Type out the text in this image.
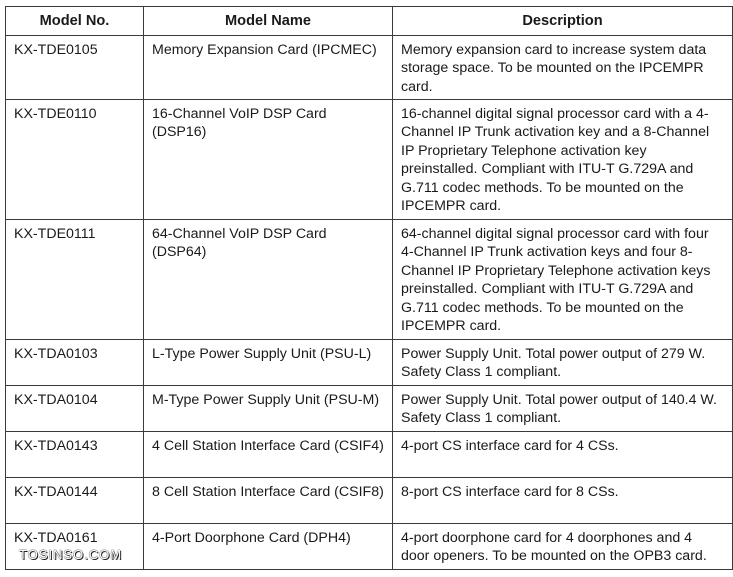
Model No.	Model Name	Description
KX-TDE0105	Memory Expansion Card (IPCMEC)	Memory expansion card to increase system data storage space. To be mounted on the IPCEMPR card.
KX-TDE0110	16-Channel VoIP DSP Card (DSP16)	16-channel digital signal processor card with a 4-Channel IP Trunk activation key and a 8-Channel IP Proprietary Telephone activation key preinstalled. Compliant with ITU-T G.729A and G.711 codec methods. To be mounted on the IPCEMPR card.
KX-TDE0111	64-Channel VoIP DSP Card (DSP64)	64-channel digital signal processor card with four 4-Channel IP Trunk activation keys and four 8-Channel IP Proprietary Telephone activation keys preinstalled. Compliant with ITU-T G.729A and G.711 codec methods. To be mounted on the IPCEMPR card.
KX-TDA0103	L-Type Power Supply Unit (PSU-L)	Power Supply Unit. Total power output of 279 W. Safety Class 1 compliant.
KX-TDA0104	M-Type Power Supply Unit (PSU-M)	Power Supply Unit. Total power output of 140.4 W. Safety Class 1 compliant.
KX-TDA0143	4 Cell Station Interface Card (CSIF4)	4-port CS interface card for 4 CSs.
KX-TDA0144	8 Cell Station Interface Card (CSIF8)	8-port CS interface card for 8 CSs.
KX-TDA0161	4-Port Doorphone Card (DPH4)	4-port doorphone card for 4 doorphones and 4 door openers. To be mounted on the OPB3 card.
TOSINSO.COM
